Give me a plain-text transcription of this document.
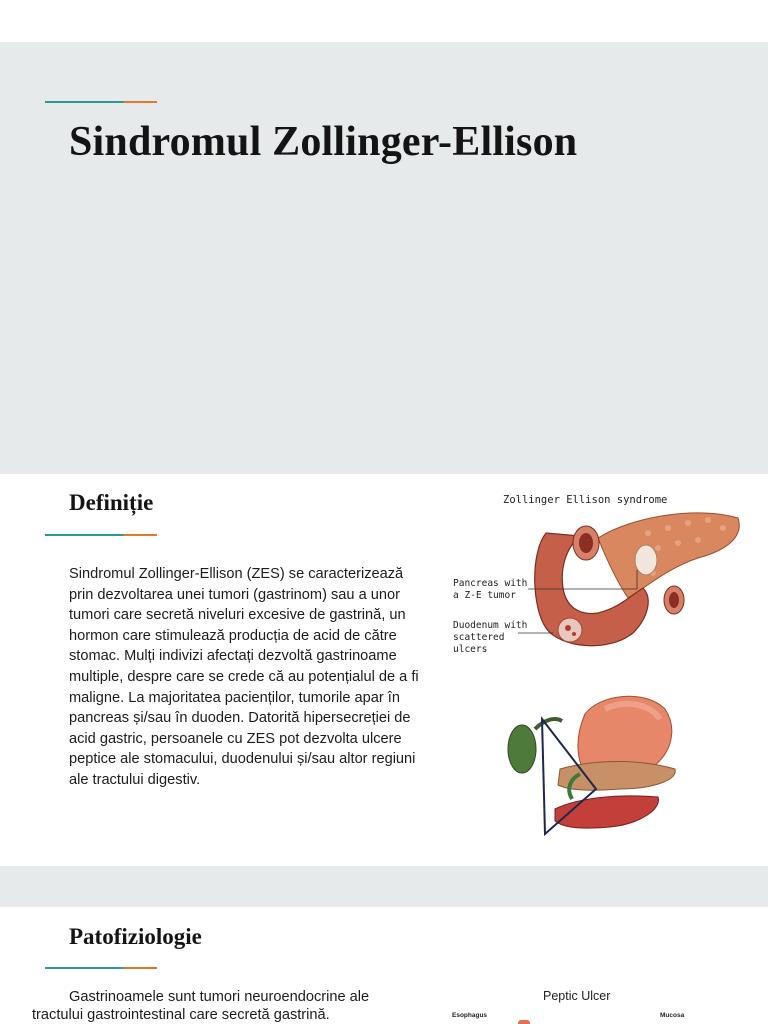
Sindromul Zollinger-Ellison
Definiție

Sindromul Zollinger-Ellison (ZES) se caracterizează prin dezvoltarea unei tumori (gastrinom) sau a unor tumori care secretă niveluri excesive de gastrină, un hormon care stimulează producția de acid de către stomac. Mulți indivizi afectați dezvoltă gastrinoame multiple, despre care se crede că au potențialul de a fi maligne. La majoritatea pacienților, tumorile apar în pancreas și/sau în duoden. Datorită hipersecreției de acid gastric, persoanele cu ZES pot dezvolta ulcere peptice ale stomacului, duodenului și/sau altor regiuni ale tractului digestiv.

Zollinger Ellison syndrome
Pancreas with
a Z-E tumor
Duodenum with
scattered
ulcers
Patofiziologie

Gastrinoamele sunt tumori neuroendocrine ale tractului gastrointestinal care secretă gastrină.

Peptic Ulcer
Esophagus	Mucosa
